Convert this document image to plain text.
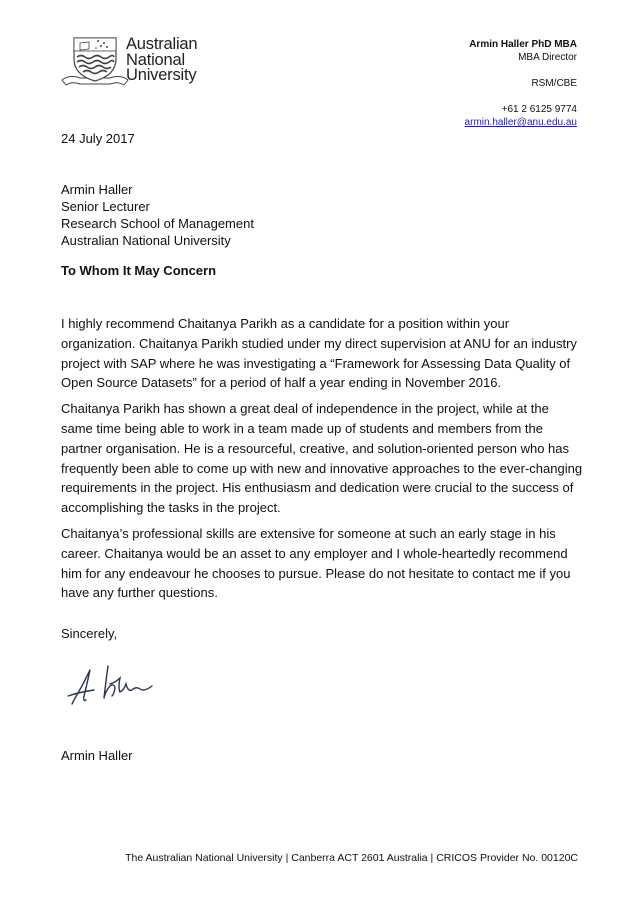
Australian
National
University
Armin Haller PhD MBA
MBA Director
RSM/CBE
+61 2 6125 9774
armin.haller@anu.edu.au
24 July 2017
Armin Haller
Senior Lecturer
Research School of Management
Australian National University
To Whom It May Concern

I highly recommend Chaitanya Parikh as a candidate for a position within your organization. Chaitanya Parikh studied under my direct supervision at ANU for an industry project with SAP where he was investigating a “Framework for Assessing Data Quality of Open Source Datasets” for a period of half a year ending in November 2016.

Chaitanya Parikh has shown a great deal of independence in the project, while at the same time being able to work in a team made up of students and members from the partner organisation. He is a resourceful, creative, and solution-oriented person who has frequently been able to come up with new and innovative approaches to the ever-changing requirements in the project. His enthusiasm and dedication were crucial to the success of accomplishing the tasks in the project.

Chaitanya’s professional skills are extensive for someone at such an early stage in his career. Chaitanya would be an asset to any employer and I whole-heartedly recommend him for any endeavour he chooses to pursue. Please do not hesitate to contact me if you have any further questions.

Sincerely,
Armin Haller
The Australian National University | Canberra ACT 2601 Australia | CRICOS Provider No. 00120C
